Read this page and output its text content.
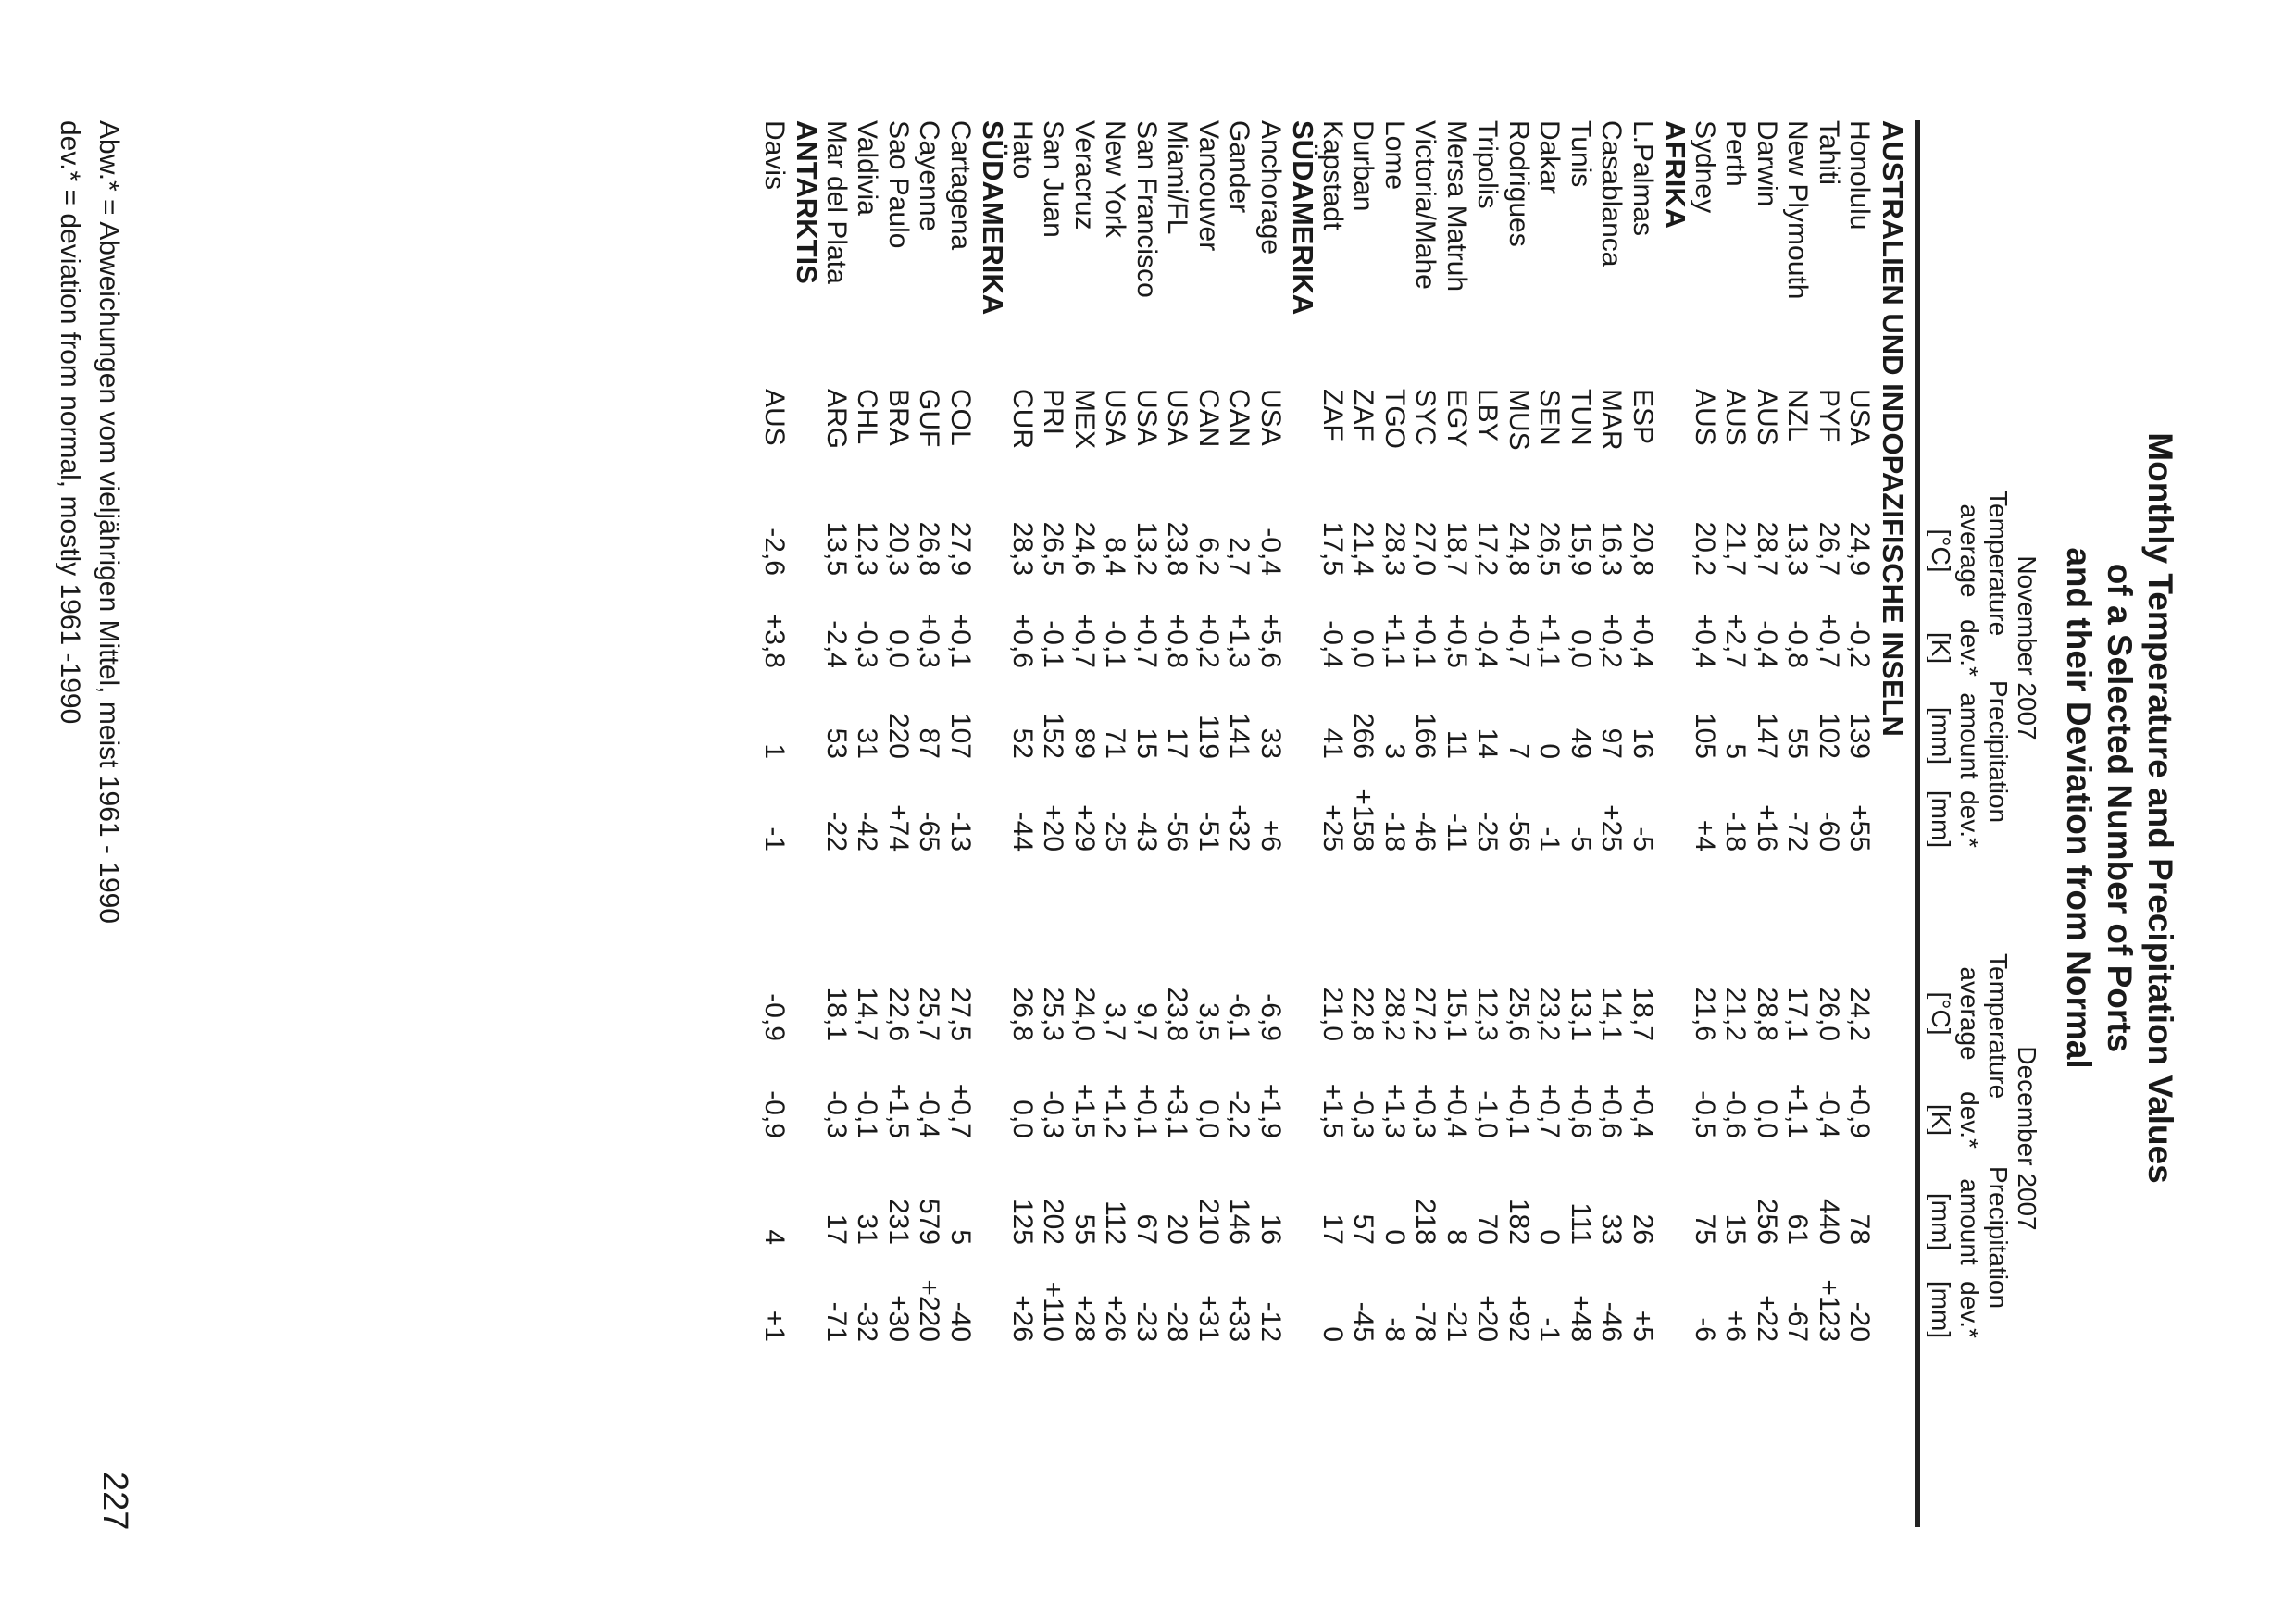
Monthly Temperature and Precipitation Values
of a Selected Number of Ports
and their Deviation from Normal
November 2007
Temperature
average
[°C]

dev.*
[K]
Precipitation
amount
[mm]

dev.*
[mm]
December 2007
Temperature
average
[°C]

dev.*
[K]
Precipitation
amount
[mm]

dev.*
[mm]
AUSTRALIEN UND INDOPAZIFISCHE INSELN
Honolulu
USA
24,9
-0,2
139
+55
24,2
+0,9
78
-20
Tahiti
PYF
26,7
+0,7
102
-60
26,0
-0,4
440
+123
New Plymouth
NZL
13,3
-0,8
55
-72
17,1
+1,1
61
-67
Darwin
AUS
28,7
-0,4
147
+16
28,8
0,0
256
+22
Perth
AUS
21,7
+2,7
5
-18
21,2
-0,6
15
+6
Sydney
AUS
20,2
+0,4
105
+4
21,6
-0,5
75
-6
AFRIKA
L.Palmas
ESP
20,8
+0,4
16
-5
18,7
+0,4
26
+5
Casablanca
MAR
16,3
+0,2
97
+25
14,1
+0,6
33
-46
Tunis
TUN
15,9
0,0
49
-5
13,1
+0,6
111
+48
Dakar
SEN
26,5
+1,1
0
-1
23,2
+0,7
0
-1
Rodrigues
MUS
24,8
+0,7
7
-56
25,6
+0,1
182
+92
Tripolis
LBY
17,2
-0,4
14
-25
12,3
-1,0
70
+20
Mersa Matruh
EGY
18,7
+0,5
11
-11
15,1
+0,4
8
-21
Victoria/Mahe
SYC
27,0
+0,1
166
-46
27,2
+0,3
218
-78
Lome
TGO
28,3
+1,1
3
-18
28,2
+1,3
0
-8
Durban
ZAF
21,4
0,0
266
+158
22,8
-0,3
57
-45
Kapstadt
ZAF
17,5
-0,4
41
+25
21,0
+1,5
17
0
SÜDAMERIKA
Anchorage
USA
-0,4
+5,6
33
+6
-6,9
+1,9
16
-12
Gander
CAN
2,7
+1,3
141
+32
-6,1
-2,2
146
+33
Vancouver
CAN
6,2
+0,2
119
-51
3,5
0,0
210
+31
Miami/FL
USA
23,8
+0,8
17
-56
23,8
+3,1
20
-28
San Francisco
USA
13,2
+0,7
15
-43
9,7
+0,1
67
-23
New York
USA
8,4
-0,1
71
-25
3,7
+1,2
112
+26
Veracruz
MEX
24,6
+0,7
89
+29
24,0
+1,5
55
+28
San Juan
PRI
26,5
-0,1
152
+20
25,3
-0,3
202
+110
Hato
CUR
28,3
+0,6
52
-44
26,8
0,0
125
+26
SÜDAMERIKA
Cartagena
COL
27,9
+0,1
107
-13
27,5
+0,7
5
-40
Cayenne
GUF
26,8
+0,3
87
-65
25,7
-0,4
579
+220
Sao Paulo
BRA
20,3
0,0
220
+74
22,6
+1,5
231
+30
Valdivia
CHL
12,3
-0,3
31
-42
14,7
-0,1
31
-32
Mar del Plata
ARG
13,5
-2,4
53
-22
18,1
-0,3
17
-71
ANTARKTIS
Davis
AUS
-2,6
+3,8
1
-1
-0,9
-0,9
4
+1
Abw.* = Abweichungen vom vieljährigen Mittel, meist 1961 - 1990
dev.* = deviation from normal, mostly 1961 -1990
227
